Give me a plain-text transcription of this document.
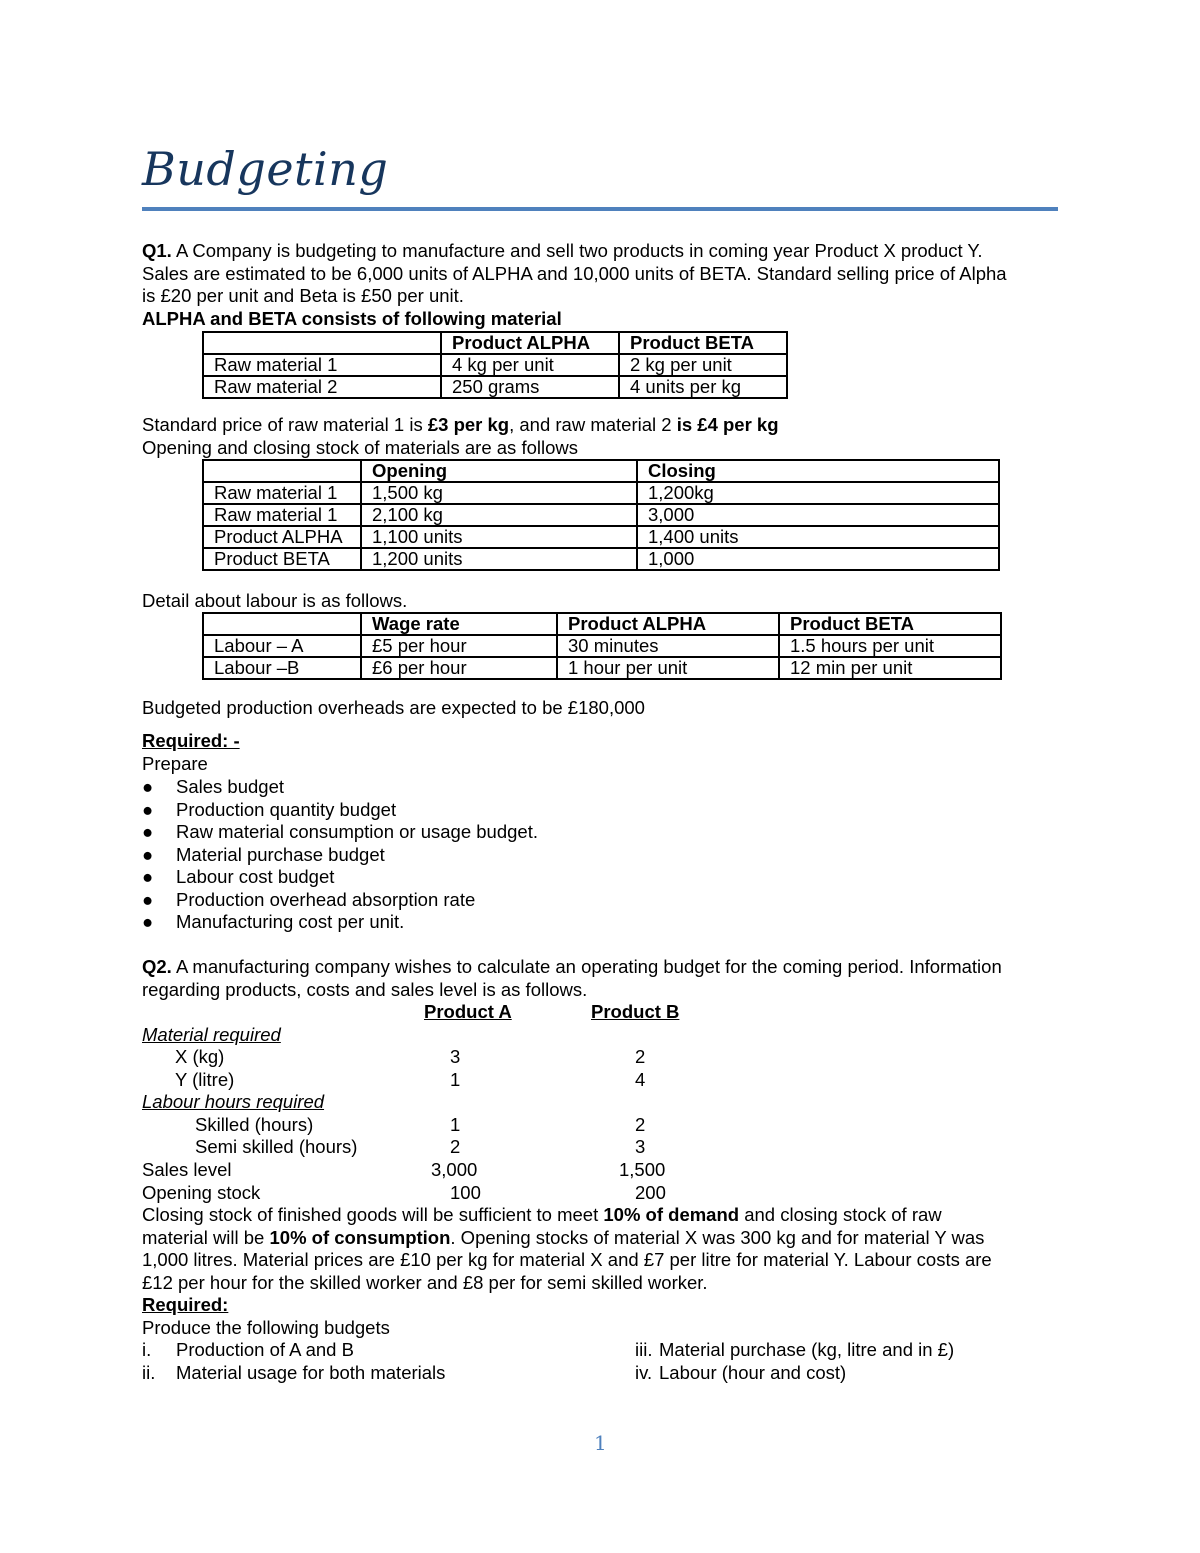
Budgeting
Q1. A Company is budgeting to manufacture and sell two products in coming year Product X product Y.
Sales are estimated to be 6,000 units of ALPHA and 10,000 units of BETA. Standard selling price of Alpha
is £20 per unit and Beta is £50 per unit.
ALPHA and BETA consists of following material
	Product ALPHA	Product BETA
Raw material 1	4 kg per unit	2 kg per unit
Raw material 2	250 grams	4 units per kg
Standard price of raw material 1 is £3 per kg, and raw material 2 is £4 per kg
Opening and closing stock of materials are as follows
	Opening	Closing
Raw material 1	1,500 kg	1,200kg
Raw material 1	2,100 kg	3,000
Product ALPHA	1,100 units	1,400 units
Product BETA	1,200 units	1,000
Detail about labour is as follows.
	Wage rate	Product ALPHA	Product BETA
Labour – A	£5 per hour	30 minutes	1.5 hours per unit
Labour –B	£6 per hour	1 hour per unit	12 min per unit
Budgeted production overheads are expected to be £180,000
Required: -
Prepare
● Sales budget
● Production quantity budget
● Raw material consumption or usage budget.
● Material purchase budget
● Labour cost budget
● Production overhead absorption rate
● Manufacturing cost per unit.
Q2. A manufacturing company wishes to calculate an operating budget for the coming period. Information
regarding products, costs and sales level is as follows.
Product A	Product B
Material required
X (kg)	3	2
Y (litre)	1	4
Labour hours required
Skilled (hours)	1	2
Semi skilled (hours)	2	3
Sales level	3,000	1,500
Opening stock	100	200
Closing stock of finished goods will be sufficient to meet 10% of demand and closing stock of raw
material will be 10% of consumption. Opening stocks of material X was 300 kg and for material Y was
1,000 litres. Material prices are £10 per kg for material X and £7 per litre for material Y. Labour costs are
£12 per hour for the skilled worker and £8 per for semi skilled worker.
Required:
Produce the following budgets
i. Production of A and B	iii. Material purchase (kg, litre and in £)
ii. Material usage for both materials	iv. Labour (hour and cost)
1
